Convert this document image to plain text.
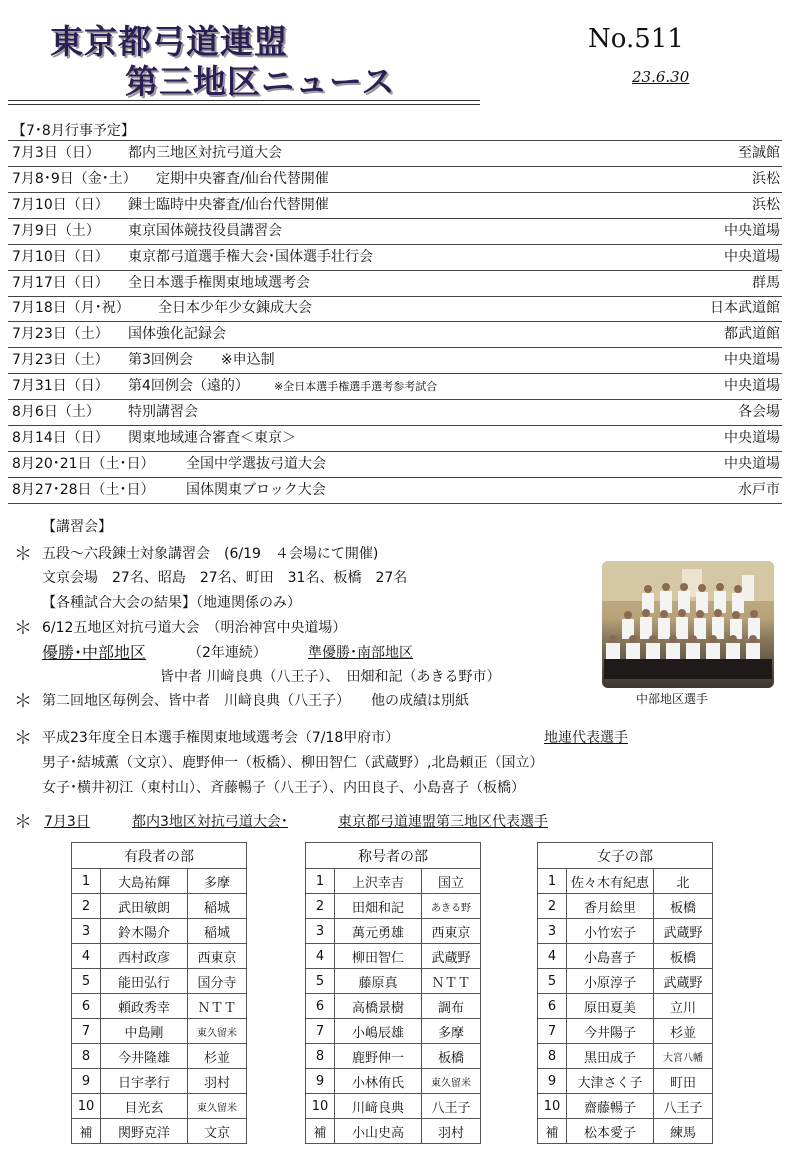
東京都弓道連盟
第三地区ニュース
No.511
23.6.30
【7･8月行事予定】
7月3日（日） 都内三地区対抗弓道大会	至誠館
7月8･9日（金･土） 定期中央審査/仙台代替開催	浜松
7月10日（日） 錬士臨時中央審査/仙台代替開催	浜松
7月9日（土） 東京国体競技役員講習会	中央道場
7月10日（日） 東京都弓道選手権大会･国体選手壮行会	中央道場
7月17日（日） 全日本選手権関東地域選考会	群馬
7月18日（月･祝） 全日本少年少女錬成大会	日本武道館
7月23日（土） 国体強化記録会	都武道館
7月23日（土） 第3回例会　　※申込制	中央道場
7月31日（日） 第4回例会（遠的）	中央道場
※全日本選手権選手選考参考試合
8月6日（土） 特別講習会	各会場
8月14日（日） 関東地域連合審査＜東京＞	中央道場
8月20･21日（土･日） 全国中学選抜弓道大会	中央道場
8月27･28日（土･日） 国体関東ブロック大会	水戸市
【講習会】
＊ 五段～六段錬士対象講習会　(6/19　４会場にて開催)
文京会場　27名、昭島　27名、町田　31名、板橋　27名
【各種試合大会の結果】（地連関係のみ）
＊ 6/12五地区対抗弓道大会　（明治神宮中央道場）
優勝･中部地区	（2年連続）	準優勝･南部地区
皆中者 川﨑良典（八王子）、　田畑和記（あきる野市）
＊ 第二回地区毎例会、皆中者　川﨑良典（八王子）　　他の成績は別紙	中部地区選手
＊ 平成23年度全日本選手権関東地域選考会（7/18甲府市）	地連代表選手
男子･結城薫（文京）、鹿野伸一（板橋）、柳田智仁（武蔵野）,北島頼正（国立）
女子･横井初江（東村山）、斉藤暢子（八王子）、内田良子、小島喜子（板橋）
＊ 7月3日	都内3地区対抗弓道大会･	東京都弓道連盟第三地区代表選手
有段者の部		
1	大島祐輝	多摩
2	武田敏朗	稲城
3	鈴木陽介	稲城
4	西村政彦	西東京
5	能田弘行	国分寺
6	頼政秀幸	ＮＴＴ
7	中島剛	東久留米
8	今井隆雄	杉並
9	日宇孝行	羽村
10	目光玄	東久留米
補	関野克洋	文京
称号者の部		
1	上沢幸吉	国立
2	田畑和記	あきる野
3	萬元勇雄	西東京
4	柳田智仁	武蔵野
5	藤原真	ＮＴＴ
6	高橋景樹	調布
7	小嶋辰雄	多摩
8	鹿野伸一	板橋
9	小林侑氏	東久留米
10	川﨑良典	八王子
補	小山史高	羽村
女子の部		
1	佐々木有紀恵	北
2	香月絵里	板橋
3	小竹宏子	武蔵野
4	小島喜子	板橋
5	小原淳子	武蔵野
6	原田夏美	立川
7	今井陽子	杉並
8	黒田成子	大宮八幡
9	大津さく子	町田
10	齋藤暢子	八王子
補	松本愛子	練馬
